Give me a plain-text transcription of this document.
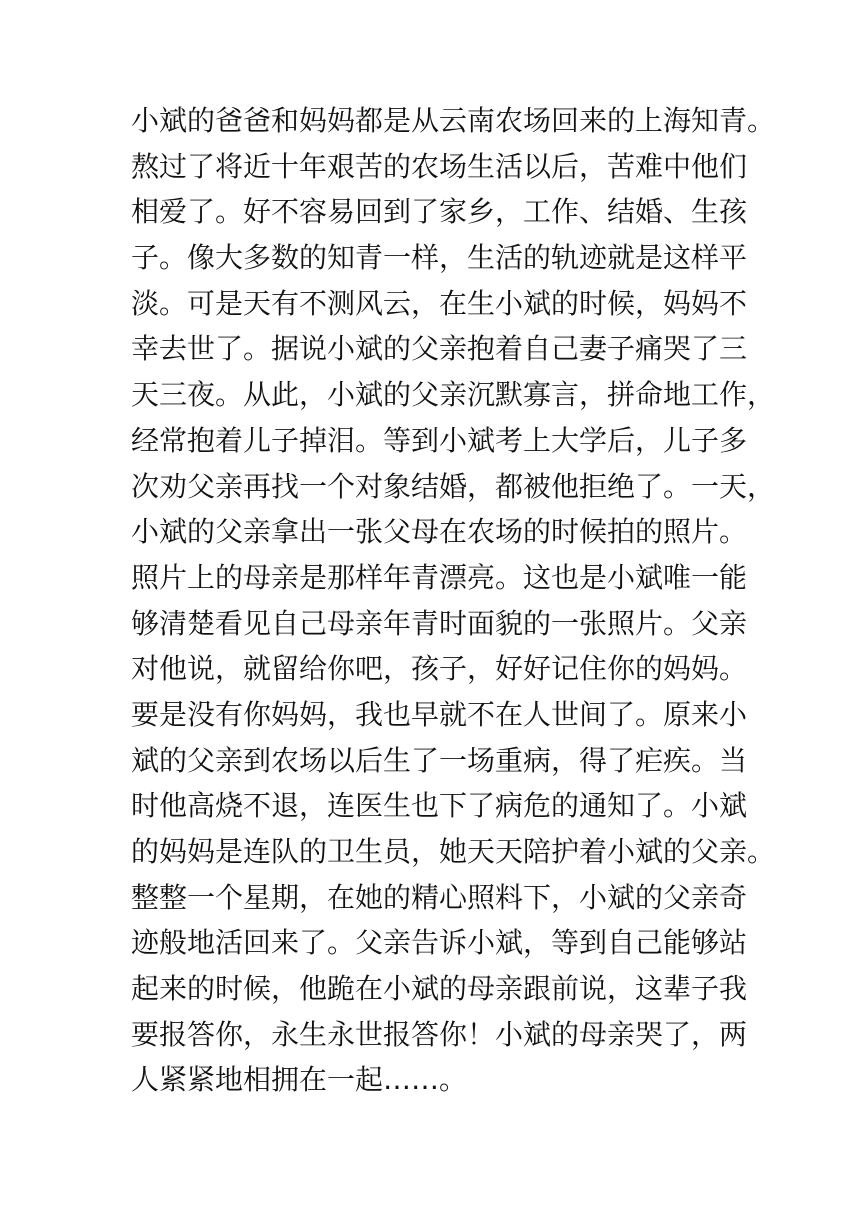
小斌的爸爸和妈妈都是从云南农场回来的上海知青。
熬过了将近十年艰苦的农场生活以后，苦难中他们
相爱了。好不容易回到了家乡，工作、结婚、生孩
子。像大多数的知青一样，生活的轨迹就是这样平
淡。可是天有不测风云，在生小斌的时候，妈妈不
幸去世了。据说小斌的父亲抱着自己妻子痛哭了三
天三夜。从此，小斌的父亲沉默寡言，拼命地工作，
经常抱着儿子掉泪。等到小斌考上大学后，儿子多
次劝父亲再找一个对象结婚，都被他拒绝了。一天，
小斌的父亲拿出一张父母在农场的时候拍的照片。
照片上的母亲是那样年青漂亮。这也是小斌唯一能
够清楚看见自己母亲年青时面貌的一张照片。父亲
对他说，就留给你吧，孩子，好好记住你的妈妈。
要是没有你妈妈，我也早就不在人世间了。原来小
斌的父亲到农场以后生了一场重病，得了疟疾。当
时他高烧不退，连医生也下了病危的通知了。小斌
的妈妈是连队的卫生员，她天天陪护着小斌的父亲。
整整一个星期，在她的精心照料下，小斌的父亲奇
迹般地活回来了。父亲告诉小斌，等到自己能够站
起来的时候，他跪在小斌的母亲跟前说，这辈子我
要报答你，永生永世报答你！小斌的母亲哭了，两
人紧紧地相拥在一起……。
